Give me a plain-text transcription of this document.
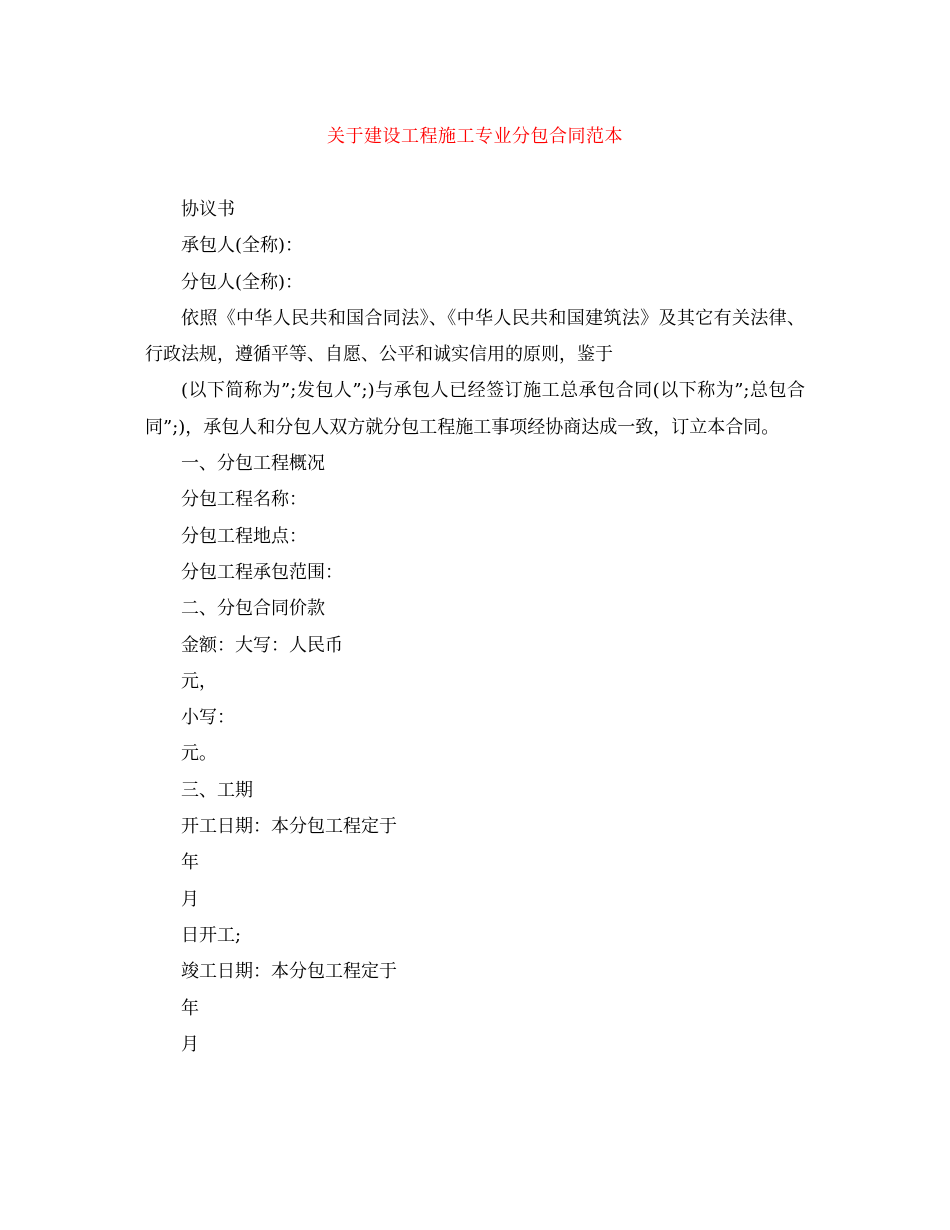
关于建设工程施工专业分包合同范本

协议书

承包人(全称)：

分包人(全称)：

依照《中华人民共和国合同法》、《中华人民共和国建筑法》及其它有关法律、行政法规，遵循平等、自愿、公平和诚实信用的原则，鉴于

(以下简称为”;发包人”;)与承包人已经签订施工总承包合同(以下称为”;总包合同”;)，承包人和分包人双方就分包工程施工事项经协商达成一致，订立本合同。

一、分包工程概况

分包工程名称：

分包工程地点：

分包工程承包范围：

二、分包合同价款

金额：大写：人民币

元，

小写：

元。

三、工期

开工日期：本分包工程定于

年

月

日开工;

竣工日期：本分包工程定于

年

月
